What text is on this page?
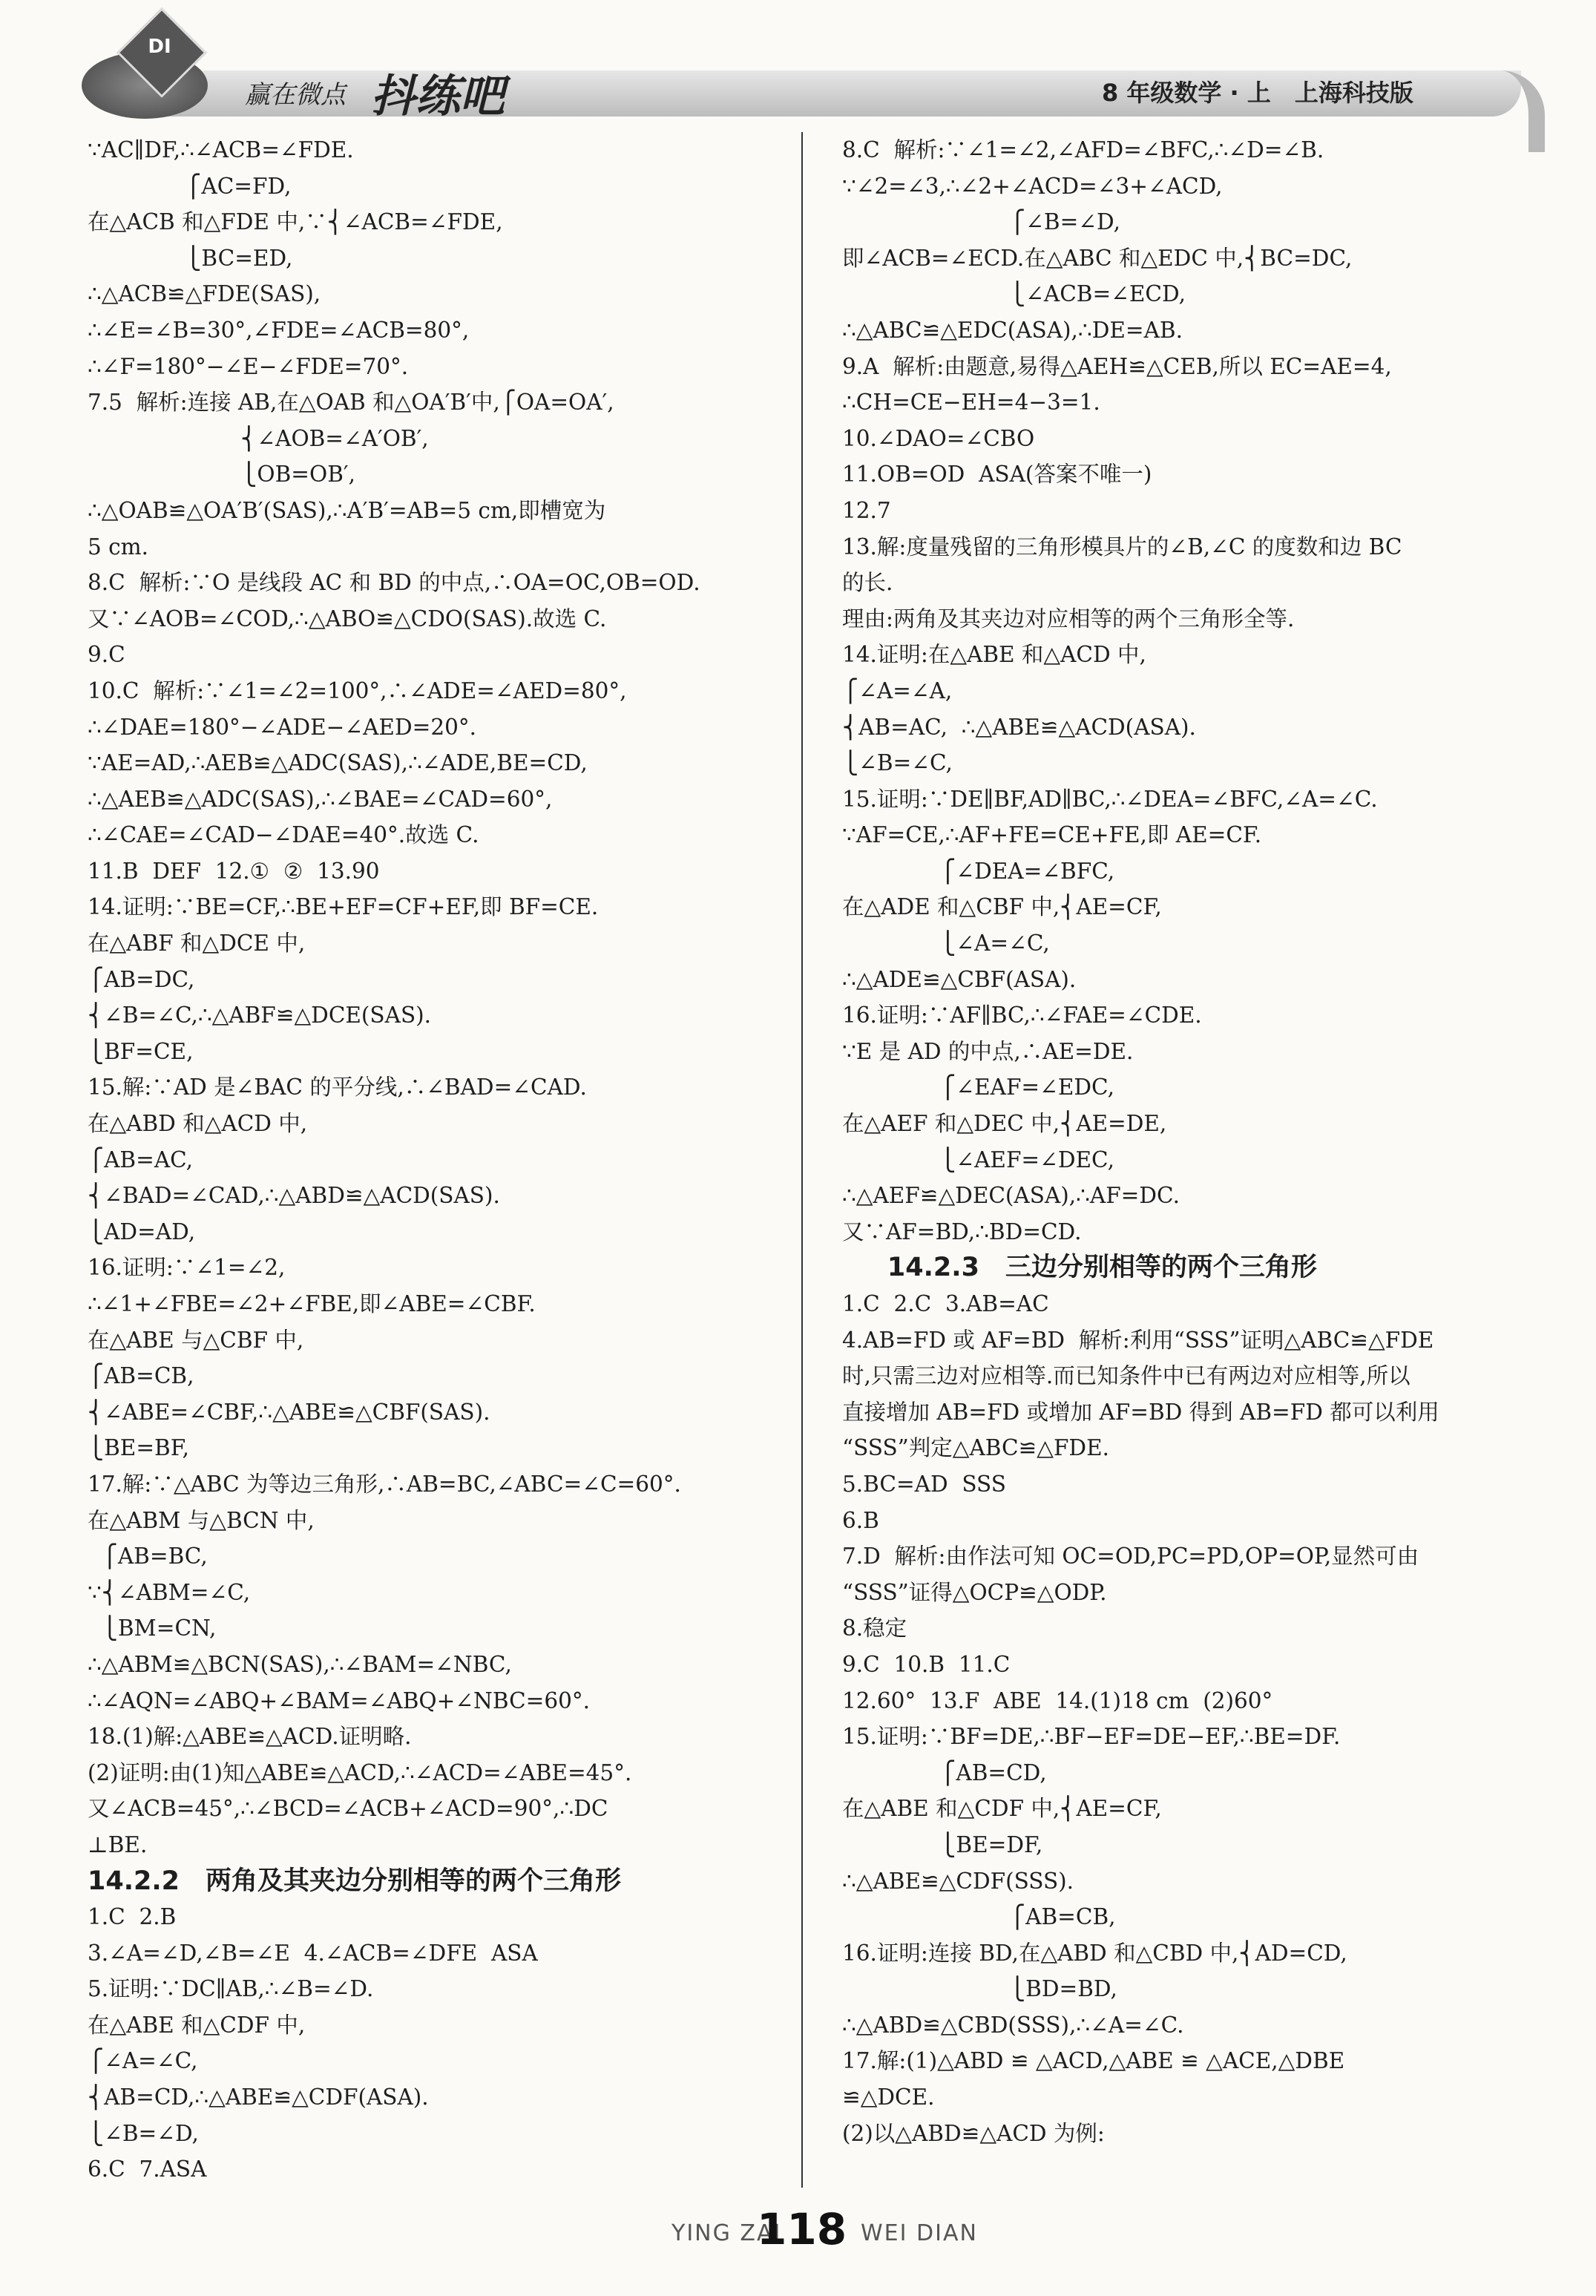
DI
赢在微点 抖练吧	8 年级数学 · 上　上海科技版
∵AC∥DF,∴∠ACB=∠FDE.
⎧AC=FD,
在△ACB 和△FDE 中,∵⎨∠ACB=∠FDE,
⎩BC=ED,
∴△ACB≌△FDE(SAS),
∴∠E=∠B=30°,∠FDE=∠ACB=80°,
∴∠F=180°−∠E−∠FDE=70°.
7.5  解析:连接 AB,在△OAB 和△OA′B′中,⎧OA=OA′,
⎨∠AOB=∠A′OB′,
⎩OB=OB′,
∴△OAB≌△OA′B′(SAS),∴A′B′=AB=5 cm,即槽宽为
5 cm.
8.C  解析:∵O 是线段 AC 和 BD 的中点,∴OA=OC,OB=OD.
又∵∠AOB=∠COD,∴△ABO≌△CDO(SAS).故选 C.
9.C
10.C  解析:∵∠1=∠2=100°,∴∠ADE=∠AED=80°,
∴∠DAE=180°−∠ADE−∠AED=20°.
∵AE=AD,∴AEB≌△ADC(SAS),∴∠ADE,BE=CD,
∴△AEB≌△ADC(SAS),∴∠BAE=∠CAD=60°,
∴∠CAE=∠CAD−∠DAE=40°.故选 C.
11.B  DEF  12.①  ②  13.90
14.证明:∵BE=CF,∴BE+EF=CF+EF,即 BF=CE.
在△ABF 和△DCE 中,
⎧AB=DC,
⎨∠B=∠C,∴△ABF≌△DCE(SAS).
⎩BF=CE,
15.解:∵AD 是∠BAC 的平分线,∴∠BAD=∠CAD.
在△ABD 和△ACD 中,
⎧AB=AC,
⎨∠BAD=∠CAD,∴△ABD≌△ACD(SAS).
⎩AD=AD,
16.证明:∵∠1=∠2,
∴∠1+∠FBE=∠2+∠FBE,即∠ABE=∠CBF.
在△ABE 与△CBF 中,
⎧AB=CB,
⎨∠ABE=∠CBF,∴△ABE≌△CBF(SAS).
⎩BE=BF,
17.解:∵△ABC 为等边三角形,∴AB=BC,∠ABC=∠C=60°.
在△ABM 与△BCN 中,
⎧AB=BC,
∵⎨∠ABM=∠C,
⎩BM=CN,
∴△ABM≌△BCN(SAS),∴∠BAM=∠NBC,
∴∠AQN=∠ABQ+∠BAM=∠ABQ+∠NBC=60°.
18.(1)解:△ABE≌△ACD.证明略.
(2)证明:由(1)知△ABE≌△ACD,∴∠ACD=∠ABE=45°.
又∠ACB=45°,∴∠BCD=∠ACB+∠ACD=90°,∴DC
⊥BE.
14.2.2　两角及其夹边分别相等的两个三角形
1.C  2.B
3.∠A=∠D,∠B=∠E  4.∠ACB=∠DFE  ASA
5.证明:∵DC∥AB,∴∠B=∠D.
在△ABE 和△CDF 中,
⎧∠A=∠C,
⎨AB=CD,∴△ABE≌△CDF(ASA).
⎩∠B=∠D,
6.C  7.ASA
8.C  解析:∵∠1=∠2,∠AFD=∠BFC,∴∠D=∠B.
∵∠2=∠3,∴∠2+∠ACD=∠3+∠ACD,
⎧∠B=∠D,
即∠ACB=∠ECD.在△ABC 和△EDC 中,⎨BC=DC,
⎩∠ACB=∠ECD,
∴△ABC≌△EDC(ASA),∴DE=AB.
9.A  解析:由题意,易得△AEH≌△CEB,所以 EC=AE=4,
∴CH=CE−EH=4−3=1.
10.∠DAO=∠CBO
11.OB=OD  ASA(答案不唯一)
12.7
13.解:度量残留的三角形模具片的∠B,∠C 的度数和边 BC
的长.
理由:两角及其夹边对应相等的两个三角形全等.
14.证明:在△ABE 和△ACD 中,
⎧∠A=∠A,
⎨AB=AC,  ∴△ABE≌△ACD(ASA).
⎩∠B=∠C,
15.证明:∵DE∥BF,AD∥BC,∴∠DEA=∠BFC,∠A=∠C.
∵AF=CE,∴AF+FE=CE+FE,即 AE=CF.
⎧∠DEA=∠BFC,
在△ADE 和△CBF 中,⎨AE=CF,
⎩∠A=∠C,
∴△ADE≌△CBF(ASA).
16.证明:∵AF∥BC,∴∠FAE=∠CDE.
∵E 是 AD 的中点,∴AE=DE.
⎧∠EAF=∠EDC,
在△AEF 和△DEC 中,⎨AE=DE,
⎩∠AEF=∠DEC,
∴△AEF≌△DEC(ASA),∴AF=DC.
又∵AF=BD,∴BD=CD.
14.2.3　三边分别相等的两个三角形
1.C  2.C  3.AB=AC
4.AB=FD 或 AF=BD  解析:利用“SSS”证明△ABC≌△FDE
时,只需三边对应相等.而已知条件中已有两边对应相等,所以
直接增加 AB=FD 或增加 AF=BD 得到 AB=FD 都可以利用
“SSS”判定△ABC≌△FDE.
5.BC=AD  SSS
6.B
7.D  解析:由作法可知 OC=OD,PC=PD,OP=OP,显然可由
“SSS”证得△OCP≌△ODP.
8.稳定
9.C  10.B  11.C
12.60°  13.F  ABE  14.(1)18 cm  (2)60°
15.证明:∵BF=DE,∴BF−EF=DE−EF,∴BE=DF.
⎧AB=CD,
在△ABE 和△CDF 中,⎨AE=CF,
⎩BE=DF,
∴△ABE≌△CDF(SSS).
⎧AB=CB,
16.证明:连接 BD,在△ABD 和△CBD 中,⎨AD=CD,
⎩BD=BD,
∴△ABD≌△CBD(SSS),∴∠A=∠C.
17.解:(1)△ABD ≌ △ACD,△ABE ≌ △ACE,△DBE
≌△DCE.
(2)以△ABD≌△ACD 为例:
YING ZAI
118 WEI DIAN
